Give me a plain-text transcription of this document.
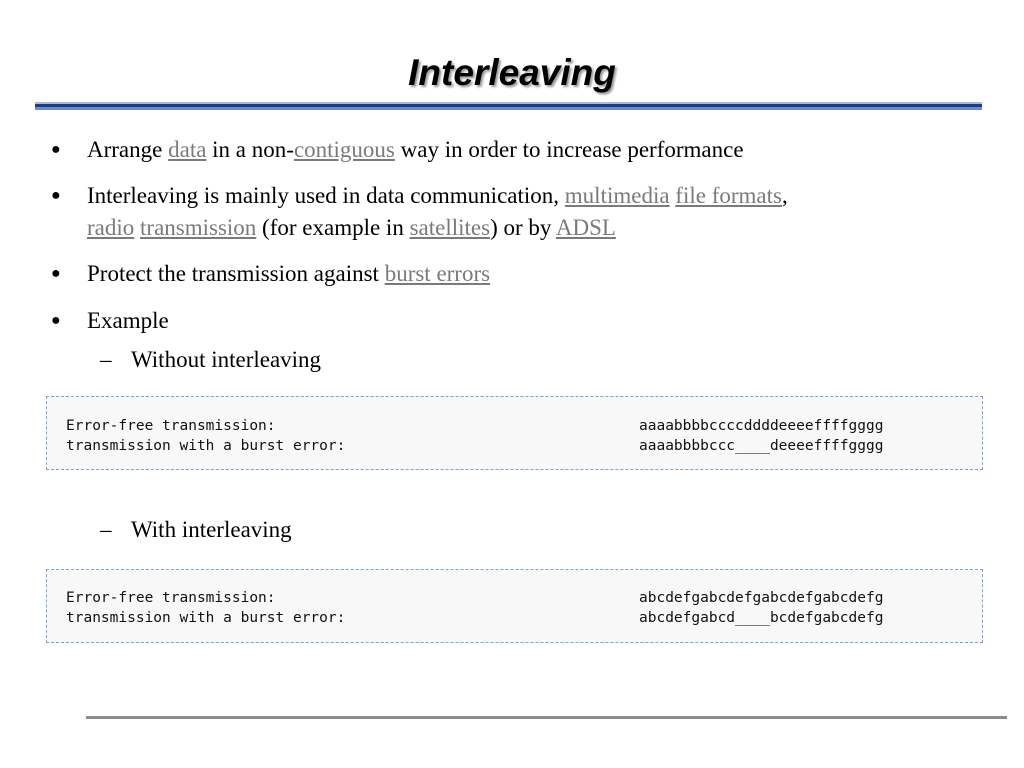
Interleaving
● Arrange data in a non-contiguous way in order to increase performance
● Interleaving is mainly used in data communication, multimedia file formats,
radio transmission (for example in satellites) or by ADSL
● Protect the transmission against burst errors
● Example
– Without interleaving
Error-free transmission:	aaaabbbbccccddddeeeeffffgggg
transmission with a burst error:	aaaabbbbccc____deeeeffffgggg
– With interleaving
Error-free transmission:	abcdefgabcdefgabcdefgabcdefg
transmission with a burst error:	abcdefgabcd____bcdefgabcdefg
